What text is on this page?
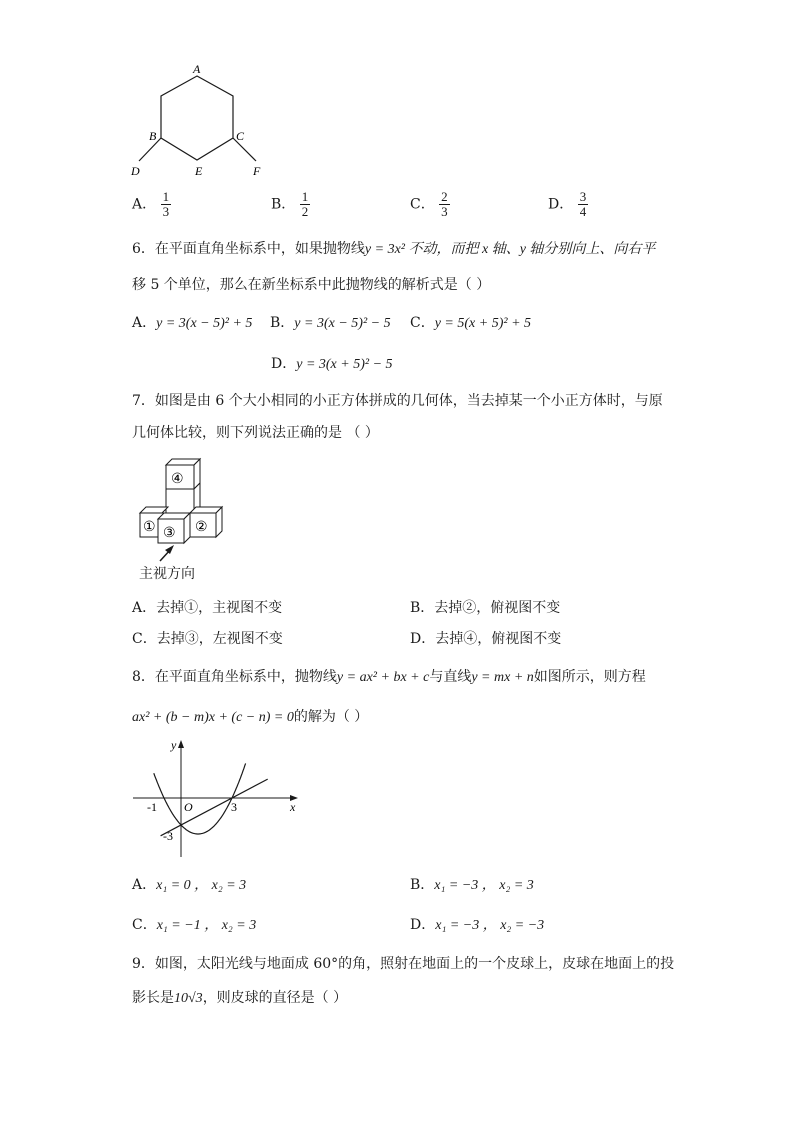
A
B	C
D	E	F
A． $\frac{1}{3}$	B． $\frac{1}{2}$	C． $\frac{2}{3}$	D． $\frac{3}{4}$
6．在平面直角坐标系中，如果抛物线y = 3x² 不动，而把 x 轴、y 轴分别向上、向右平
移 5 个单位，那么在新坐标系中此抛物线的解析式是（ ）
A．y = 3(x − 5)² + 5 B．y = 3(x − 5)² − 5 C．y = 5(x + 5)² + 5
D．y = 3(x + 5)² − 5
7．如图是由 6 个大小相同的小正方体拼成的几何体，当去掉某一个小正方体时，与原
几何体比较，则下列说法正确的是 （ ）
④
① ③ ②
主视方向
A．去掉①，主视图不变	B．去掉②，俯视图不变
C．去掉③，左视图不变	D．去掉④，俯视图不变
8．在平面直角坐标系中，抛物线y = ax² + bx + c与直线y = mx + n如图所示，则方程
ax² + (b − m)x + (c − n) = 0的解为（ ）
y
x
-1 O	3
-3
A．x₁ = 0 ， x₂ = 3	B．x₁ = −3 ， x₂ = 3
C．x₁ = −1 ， x₂ = 3	D．x₁ = −3 ， x₂ = −3
9．如图，太阳光线与地面成 60°的角，照射在地面上的一个皮球上，皮球在地面上的投
影长是10√3，则皮球的直径是（ ）
